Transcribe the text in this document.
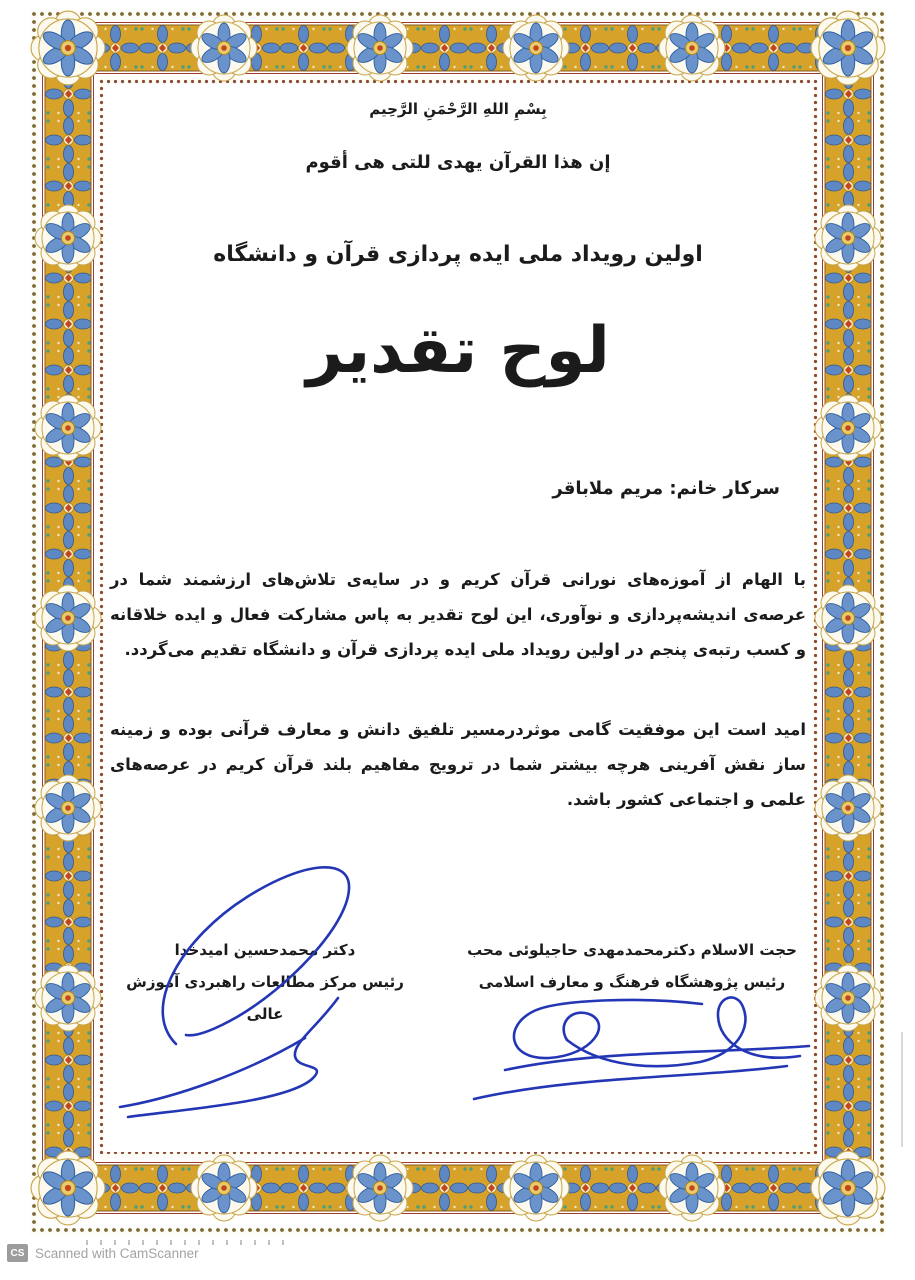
بِسْمِ اللهِ الرَّحْمَنِ الرَّحِیم
إن هذا القرآن یهدی للتی هی أقوم
اولین رویداد ملی ایده پردازی قرآن و دانشگاه
لوح تقدیر
سرکار خانم: مریم ملاباقر
با الهام از آموزه‌های نورانی قرآن کریم و در سایه‌ی تلاش‌های ارزشمند شما در عرصه‌ی اندیشه‌پردازی و نوآوری، این لوح تقدیر به پاس مشارکت فعال و ایده خلاقانه و کسب رتبه‌ی پنجم در اولین رویداد ملی ایده پردازی قرآن و دانشگاه تقدیم می‌گردد.
امید است این موفقیت گامی موثردرمسیر تلفیق دانش و معارف قرآنی بوده و زمینه ساز نقش آفرینی هرچه بیشتر شما در ترویج مفاهیم بلند قرآن کریم در عرصه‌های علمی و اجتماعی کشور باشد.
حجت الاسلام دکترمحمدمهدی حاجیلوئی محب
رئیس پژوهشگاه فرهنگ و معارف اسلامی
دکتر محمدحسین امیدخدا
رئیس مرکز مطالعات راهبردی آموزش عالی
CS Scanned with CamScanner
